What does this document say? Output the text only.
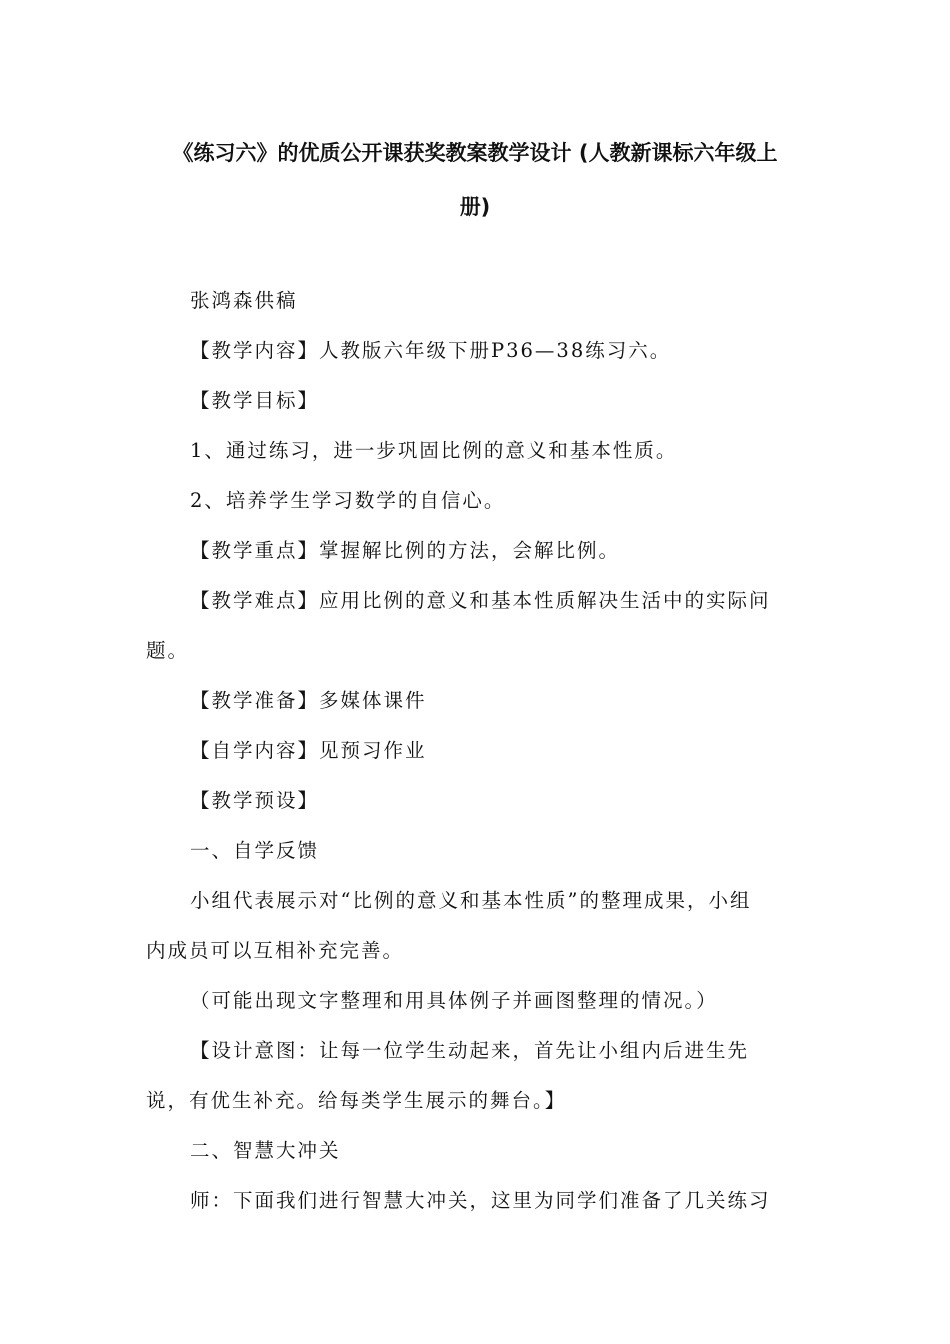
《练习六》的优质公开课获奖教案教学设计 (人教新课标六年级上
册)
张鸿森供稿
【教学内容】人教版六年级下册P36—38练习六。
【教学目标】
1、通过练习，进一步巩固比例的意义和基本性质。
2、培养学生学习数学的自信心。
【教学重点】掌握解比例的方法，会解比例。
【教学难点】应用比例的意义和基本性质解决生活中的实际问
题。
【教学准备】多媒体课件
【自学内容】见预习作业
【教学预设】
一、自学反馈
小组代表展示对“比例的意义和基本性质”的整理成果，小组
内成员可以互相补充完善。
（可能出现文字整理和用具体例子并画图整理的情况。）
【设计意图：让每一位学生动起来，首先让小组内后进生先
说，有优生补充。给每类学生展示的舞台。】
二、智慧大冲关
师：下面我们进行智慧大冲关，这里为同学们准备了几关练习
